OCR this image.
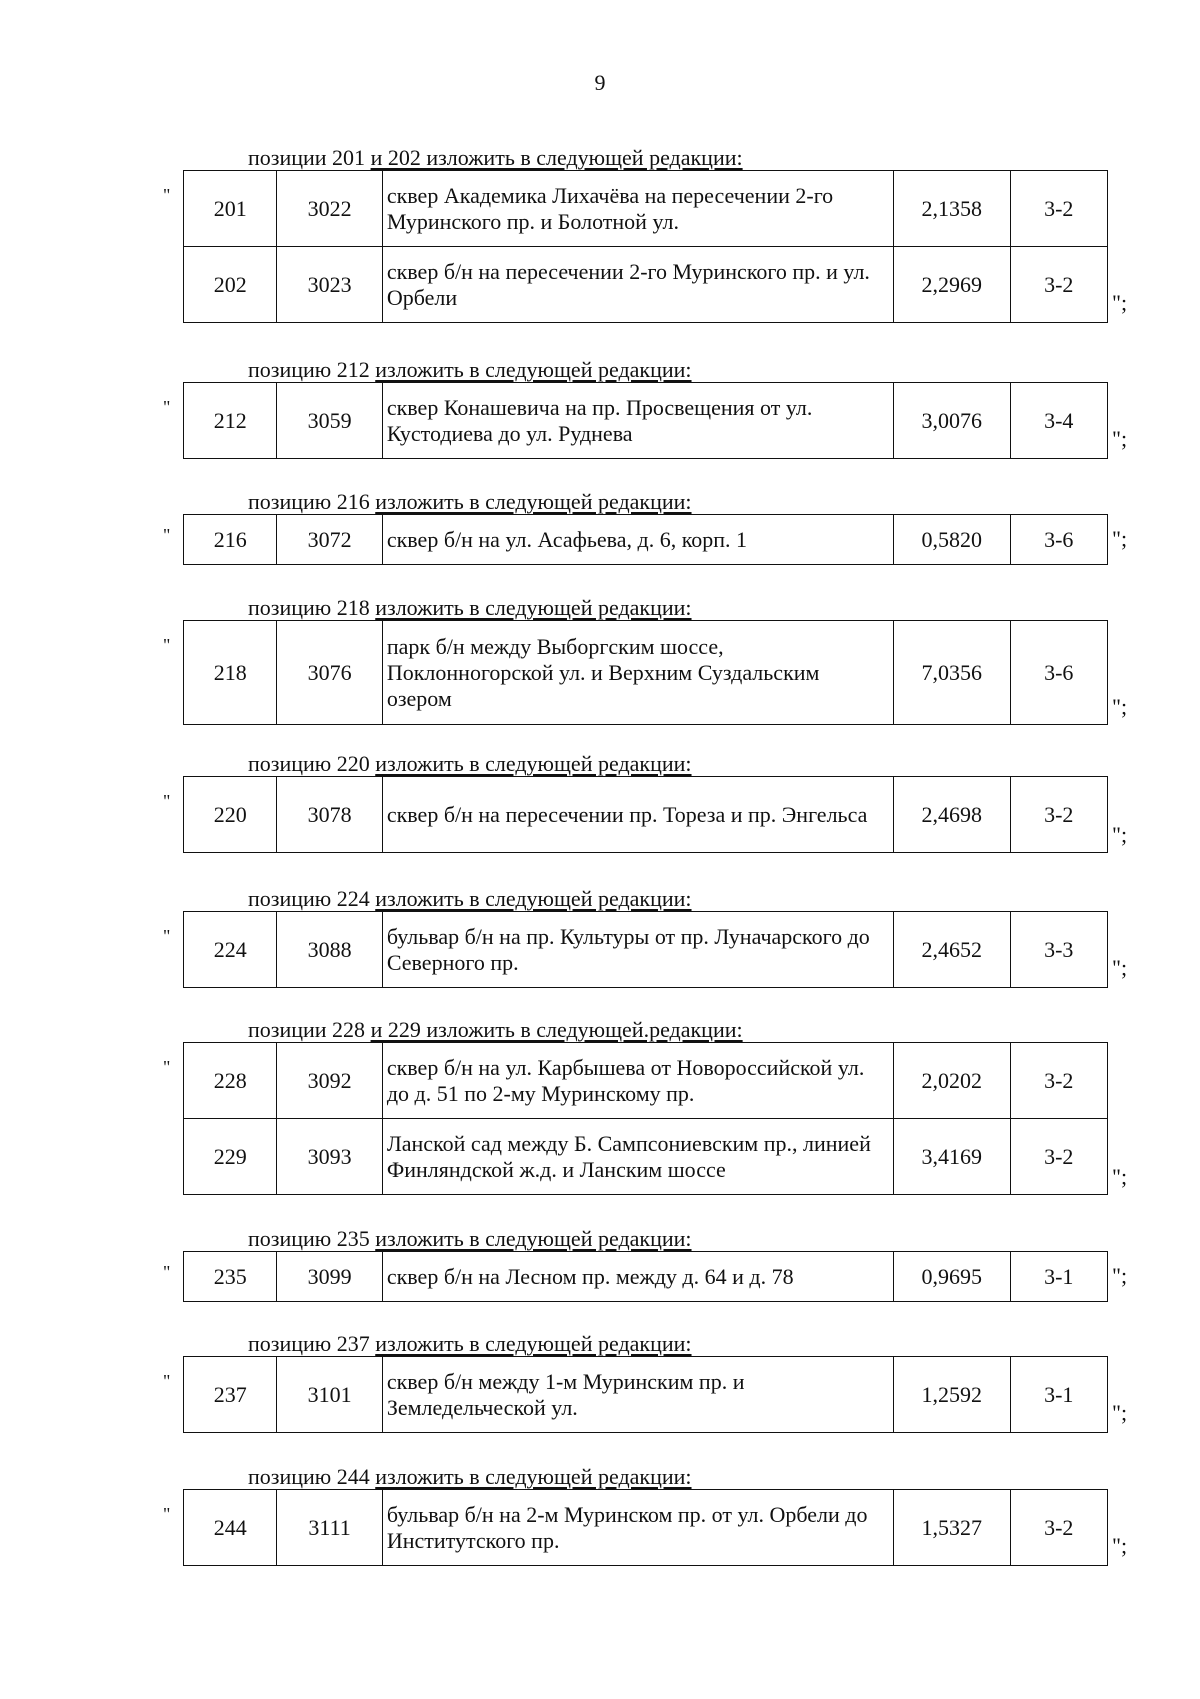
9
позиции 201 и 202 изложить в следующей редакции:
"
201	3022	сквер Академика Лихачёва на пересечении 2-го Муринского пр. и Болотной ул.	2,1358	3-2
202	3023	сквер б/н на пересечении 2-го Муринского пр. и ул. Орбели	2,2969	3-2
";
позицию 212 изложить в следующей редакции:
"
212	3059	сквер Конашевича на пр. Просвещения от ул. Кустодиева до ул. Руднева	3,0076	3-4
";
позицию 216 изложить в следующей редакции:
" 216	3072	сквер б/н на ул. Асафьева, д. 6, корп. 1	0,5820	3-6 ";
позицию 218 изложить в следующей редакции:
"
218	3076	парк б/н между Выборгским шоссе, Поклонногорской ул. и Верхним Суздальским озером	7,0356	3-6
";
позицию 220 изложить в следующей редакции:
"
220	3078	сквер б/н на пересечении пр. Тореза и пр. Энгельса	2,4698	3-2
";
позицию 224 изложить в следующей редакции:
"
224	3088	бульвар б/н на пр. Культуры от пр. Луначарского до Северного пр.	2,4652	3-3
";
позиции 228 и 229 изложить в следующей.редакции:
"
228	3092	сквер б/н на ул. Карбышева от Новороссийской ул. до д. 51 по 2-му Муринскому пр.	2,0202	3-2
229	3093	Ланской сад между Б. Сампсониевским пр., линией Финляндской ж.д. и Ланским шоссе	3,4169	3-2
";
позицию 235 изложить в следующей редакции:
" 235	3099	сквер б/н на Лесном пр. между д. 64 и д. 78	0,9695	3-1 ";
позицию 237 изложить в следующей редакции:
"
237	3101	сквер б/н между 1-м Муринским пр. и Земледельческой ул.	1,2592	3-1
";
позицию 244 изложить в следующей редакции:
"
244	3111	бульвар б/н на 2-м Муринском пр. от ул. Орбели до Институтского пр.	1,5327	3-2
";
